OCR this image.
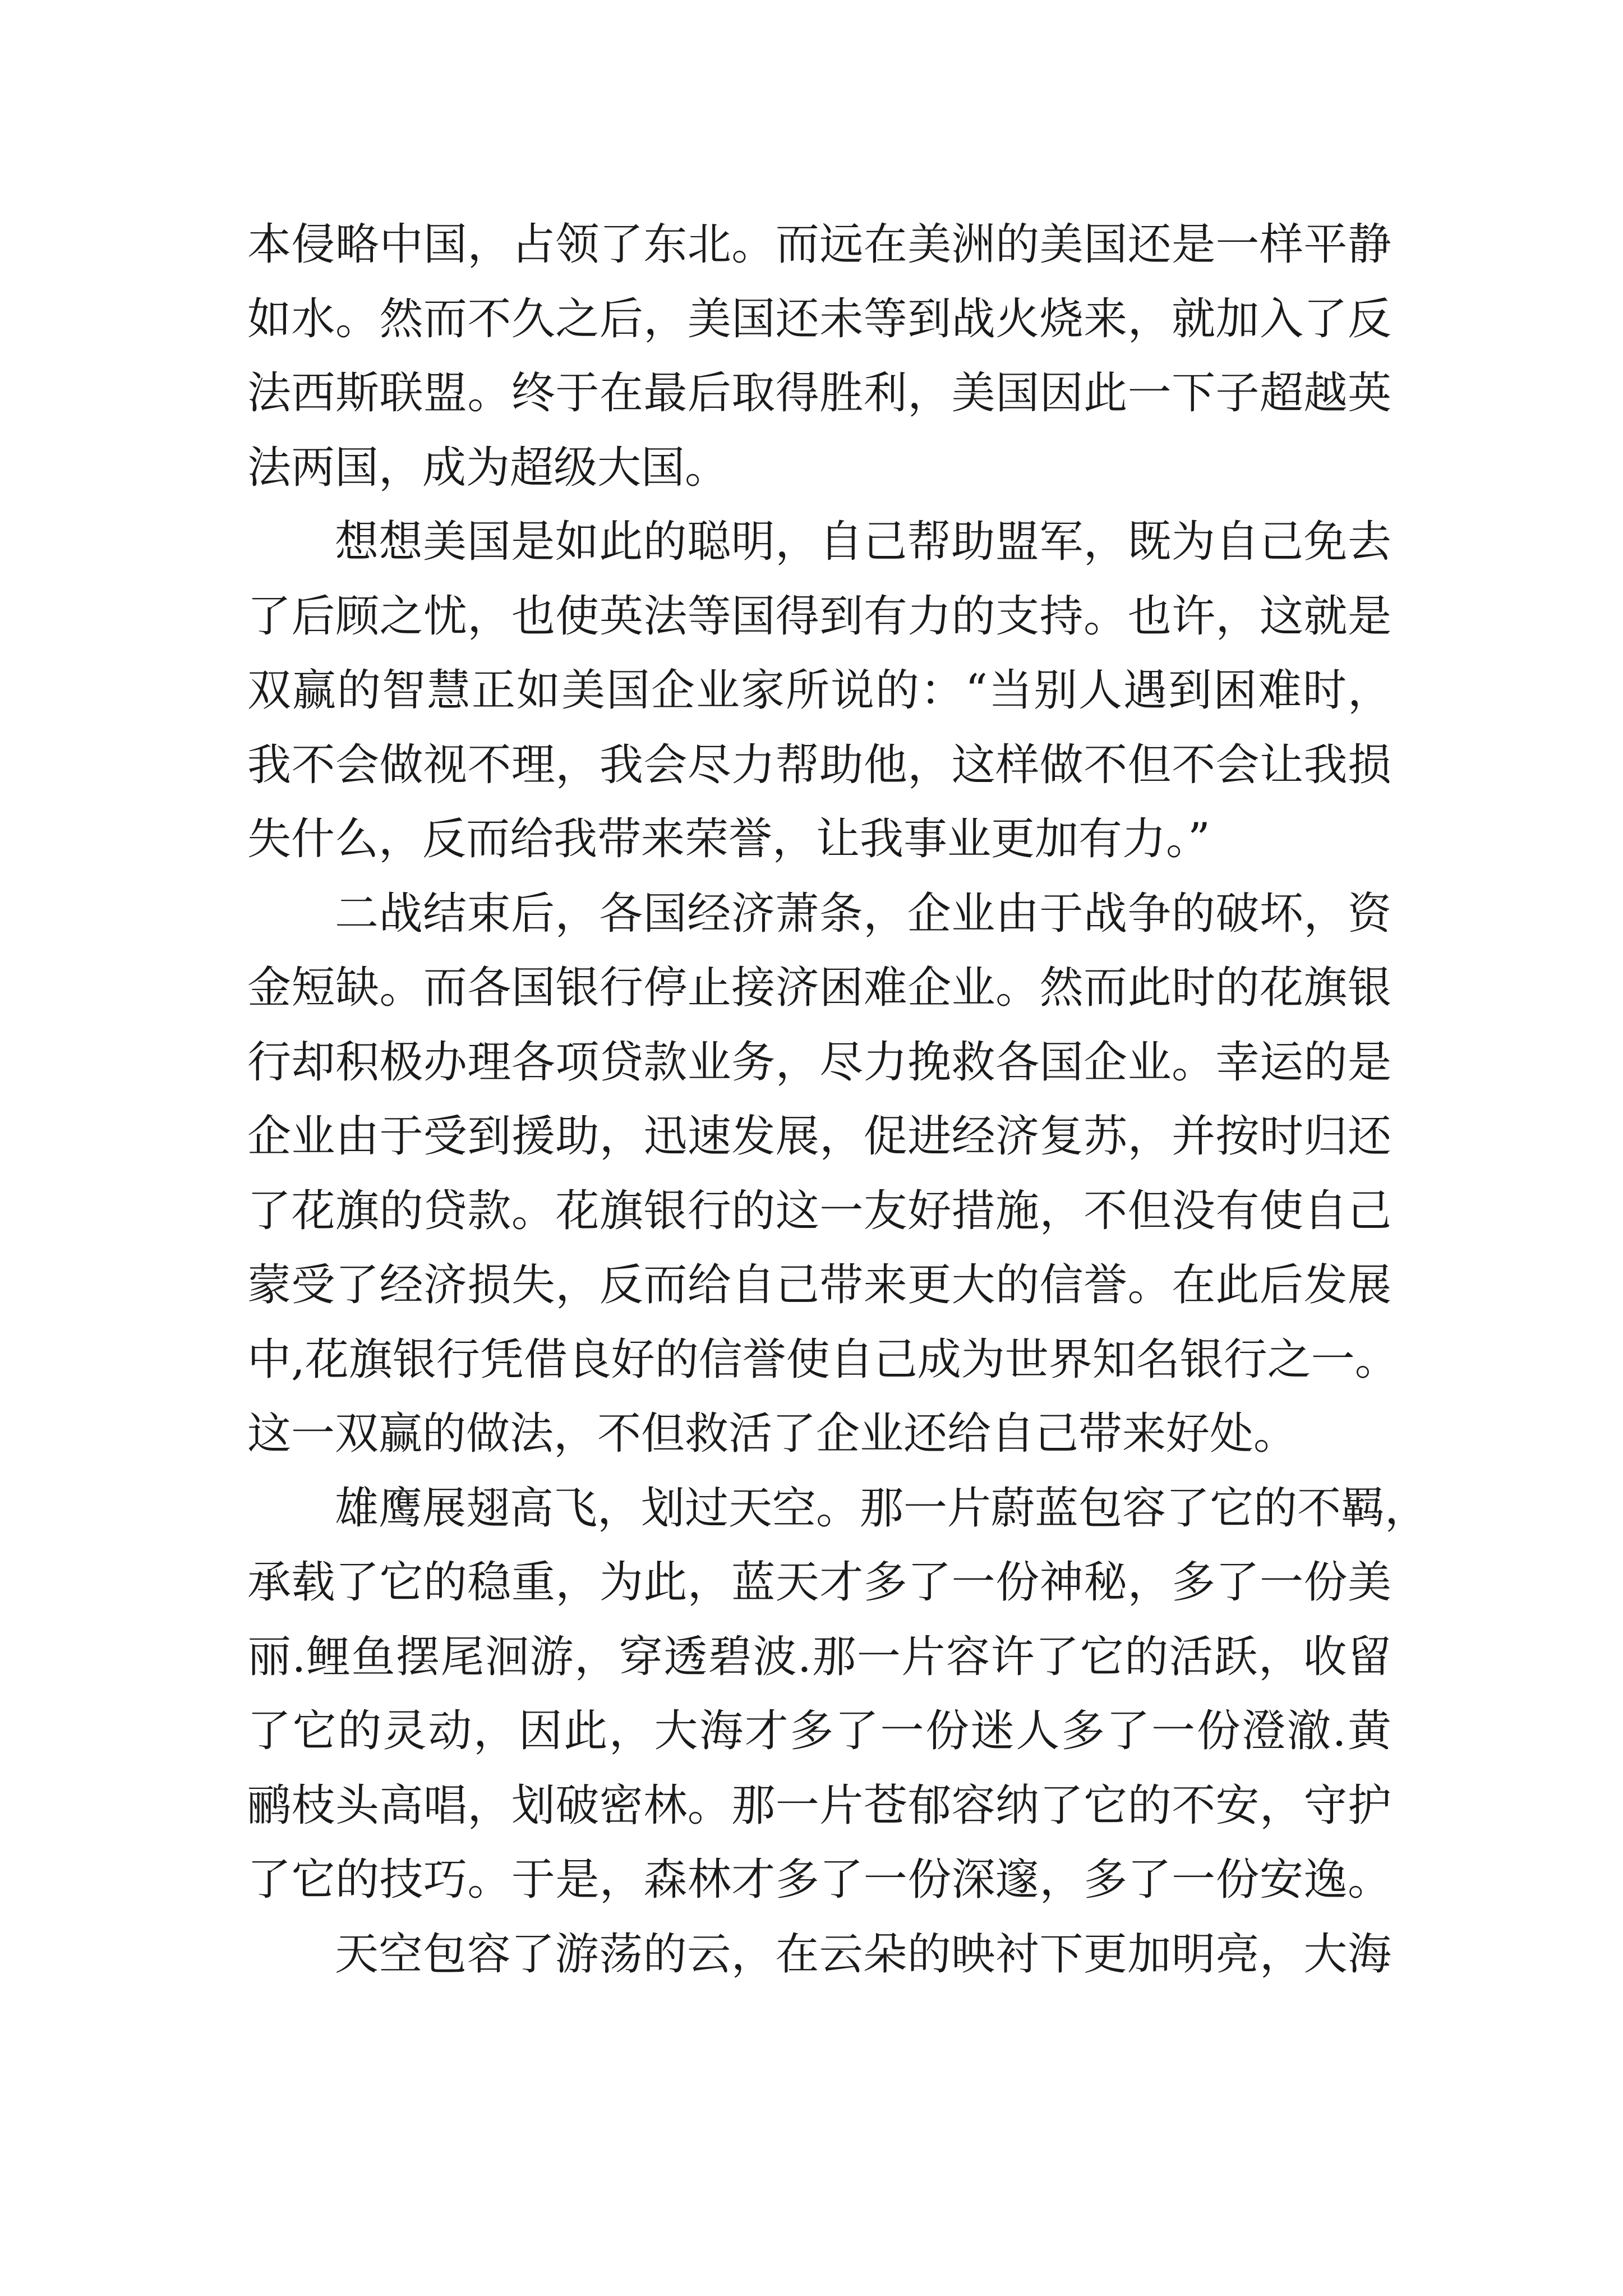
本侵略中国，占领了东北。而远在美洲的美国还是一样平静
如水。然而不久之后，美国还未等到战火烧来，就加入了反
法西斯联盟。终于在最后取得胜利，美国因此一下子超越英
法两国，成为超级大国。
想想美国是如此的聪明，自己帮助盟军，既为自己免去
了后顾之忧，也使英法等国得到有力的支持。也许，这就是
双赢的智慧正如美国企业家所说的：“当别人遇到困难时，
我不会做视不理，我会尽力帮助他，这样做不但不会让我损
失什么，反而给我带来荣誉，让我事业更加有力。”
二战结束后，各国经济萧条，企业由于战争的破坏，资
金短缺。而各国银行停止接济困难企业。然而此时的花旗银
行却积极办理各项贷款业务，尽力挽救各国企业。幸运的是
企业由于受到援助，迅速发展，促进经济复苏，并按时归还
了花旗的贷款。花旗银行的这一友好措施，不但没有使自己
蒙受了经济损失，反而给自己带来更大的信誉。在此后发展
中,花旗银行凭借良好的信誉使自己成为世界知名银行之一。
这一双赢的做法，不但救活了企业还给自己带来好处。
雄鹰展翅高飞，划过天空。那一片蔚蓝包容了它的不羁，
承载了它的稳重，为此，蓝天才多了一份神秘，多了一份美
丽.鲤鱼摆尾洄游，穿透碧波.那一片容许了它的活跃，收留
了它的灵动，因此，大海才多了一份迷人多了一份澄澈.黄
鹂枝头高唱，划破密林。那一片苍郁容纳了它的不安，守护
了它的技巧。于是，森林才多了一份深邃，多了一份安逸。
天空包容了游荡的云，在云朵的映衬下更加明亮，大海
